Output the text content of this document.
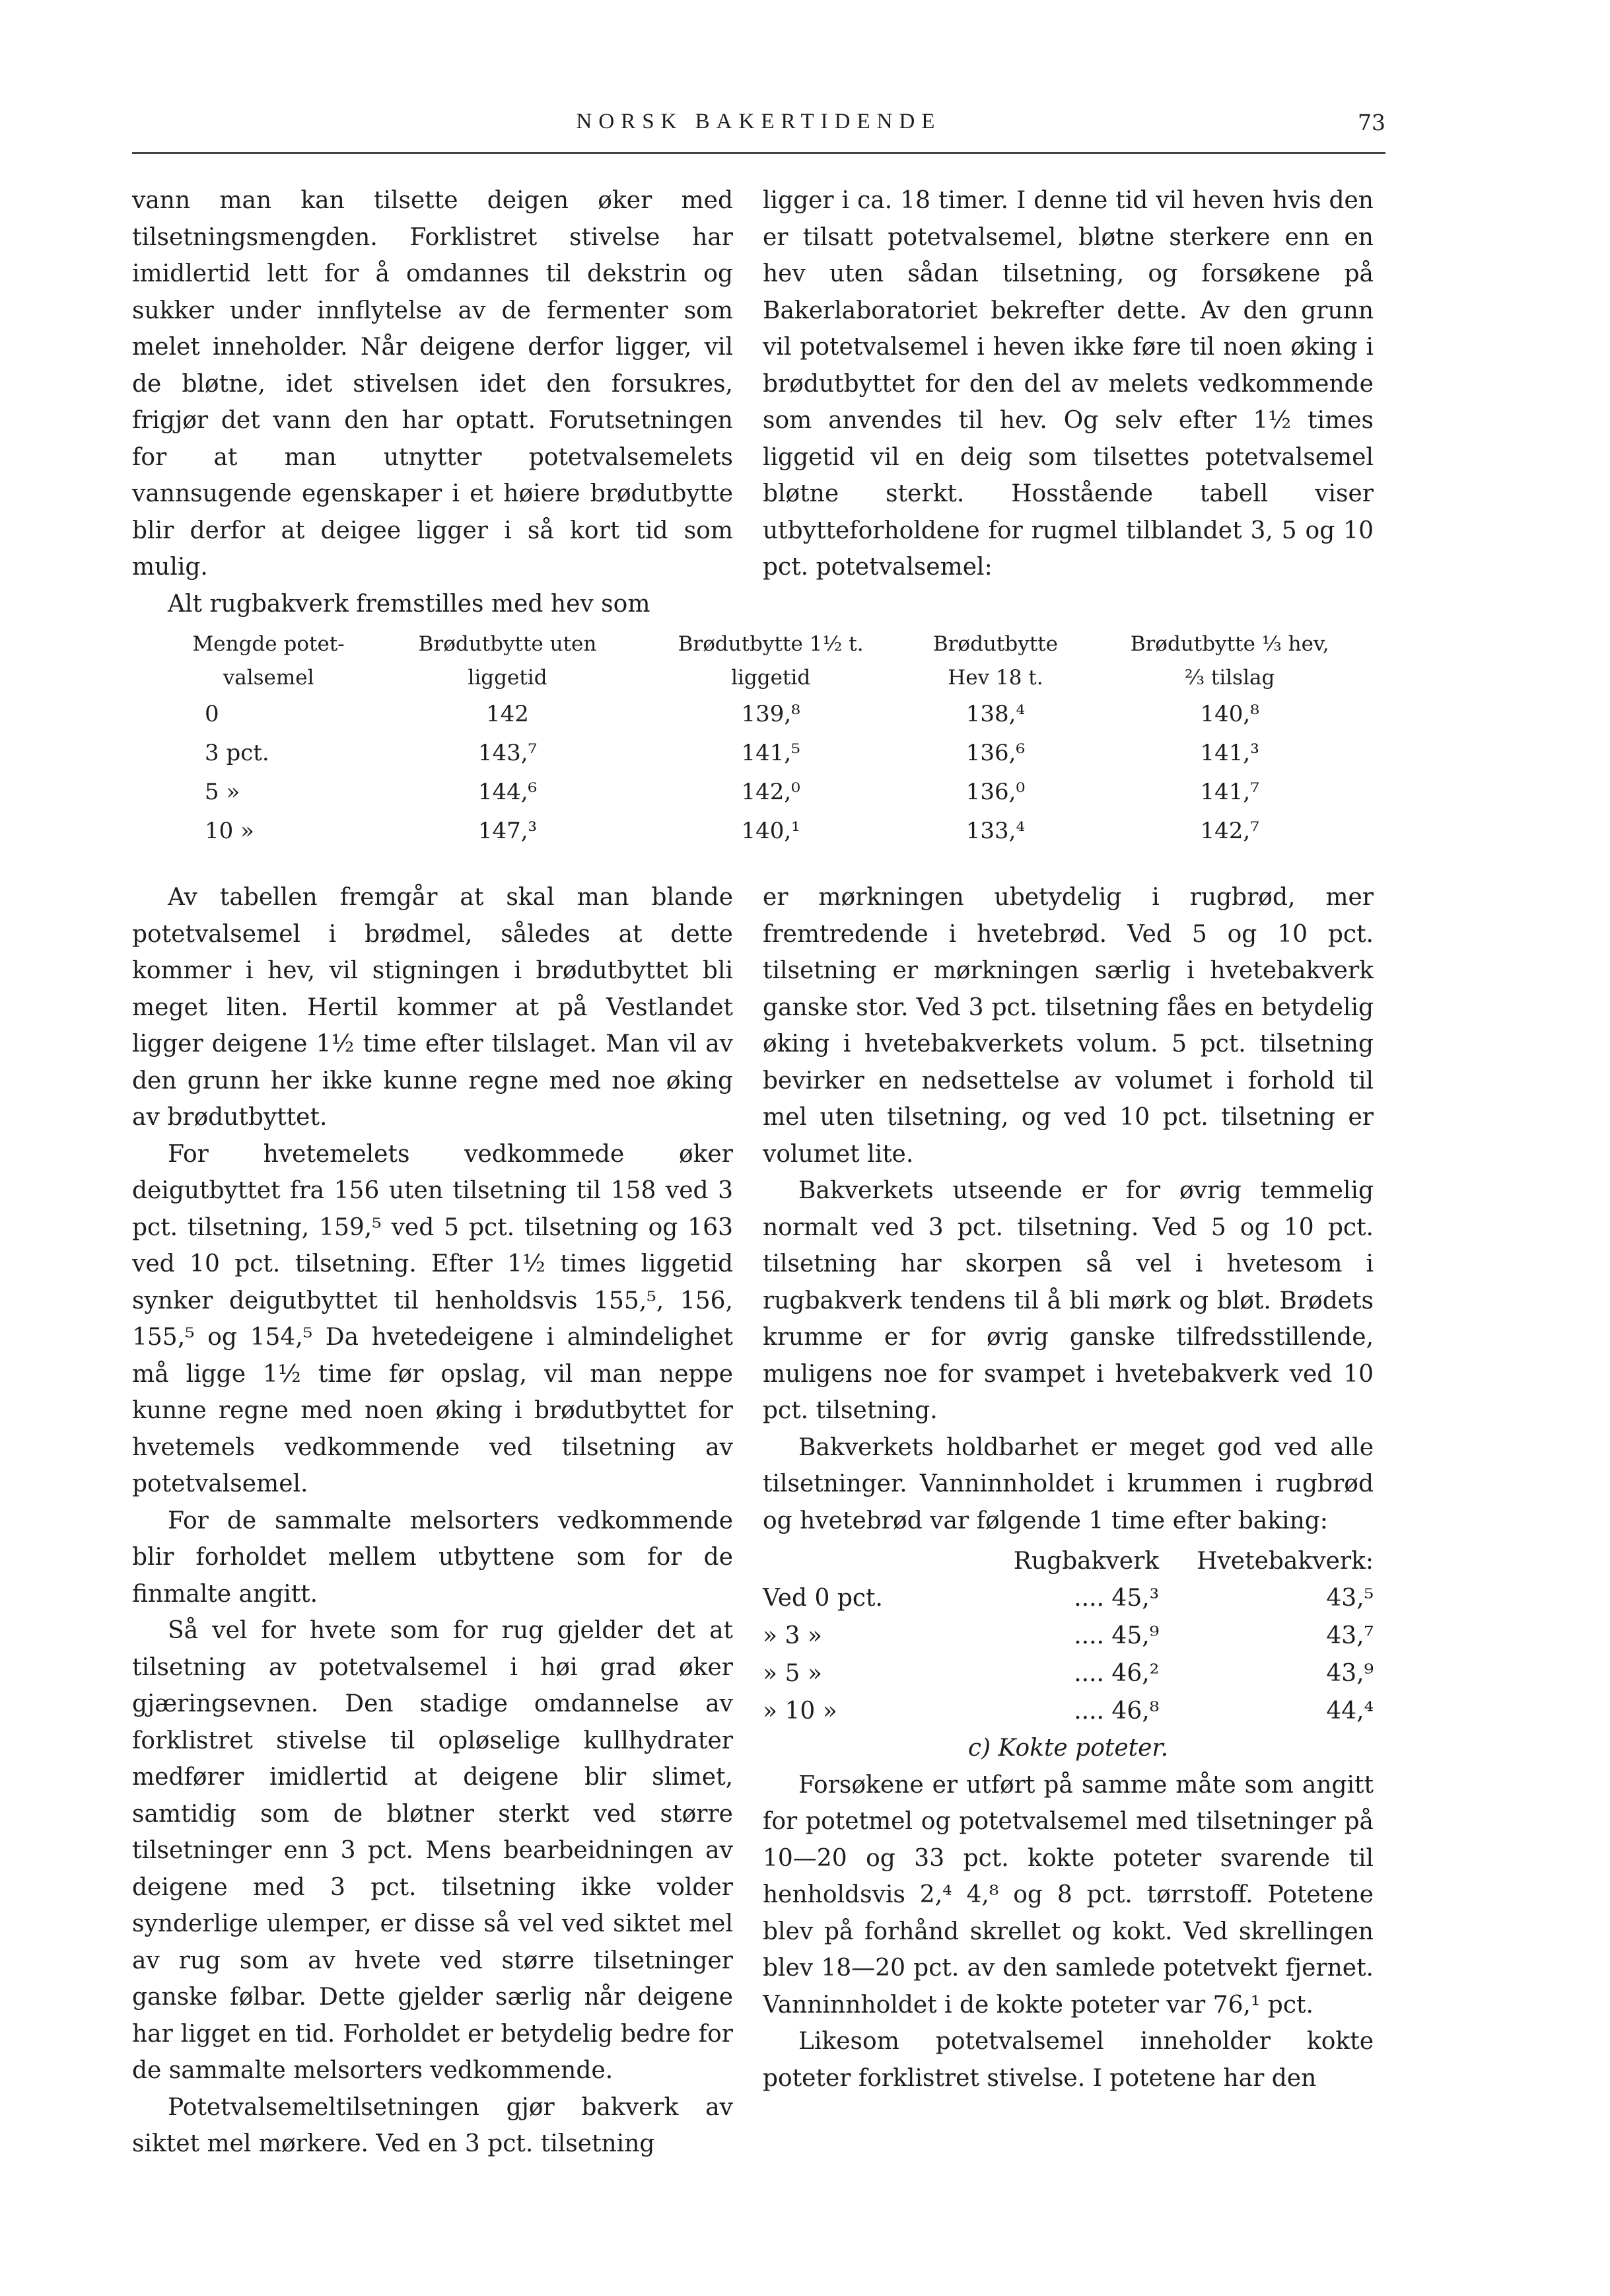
NORSK BAKERTIDENDE	73

vann man kan tilsette deigen øker med tilsetningsmengden. Forklistret stivelse har imidlertid lett for å omdannes til dekstrin og sukker under innflytelse av de fermenter som melet inneholder. Når deigene derfor ligger, vil de bløtne, idet stivelsen idet den forsukres, frigjør det vann den har optatt. Forutsetningen for at man utnytter potetvalsemelets vannsugende egenskaper i et høiere brødutbytte blir derfor at deigee ligger i så kort tid som mulig.

Alt rugbakverk fremstilles med hev som

ligger i ca. 18 timer. I denne tid vil heven hvis den er tilsatt potetvalsemel, bløtne sterkere enn en hev uten sådan tilsetning, og forsøkene på Bakerlaboratoriet bekrefter dette. Av den grunn vil potetvalsemel i heven ikke føre til noen øking i brødutbyttet for den del av melets vedkommende som anvendes til hev. Og selv efter 1½ times liggetid vil en deig som tilsettes potetvalsemel bløtne sterkt. Hosstående tabell viser utbytteforholdene for rugmel tilblandet 3, 5 og 10 pct. potetvalsemel:

Mengde potet-	Brødutbytte uten	Brødutbytte 1½ t.	Brødutbytte	Brødutbytte ⅓ hev,
valsemel	liggetid	liggetid	Hev 18 t.	⅔ tilslag
0	142	139,⁸	138,⁴	140,⁸
3 pct.	143,⁷	141,⁵	136,⁶	141,³
5 »	144,⁶	142,⁰	136,⁰	141,⁷
10 »	147,³	140,¹	133,⁴	142,⁷

Av tabellen fremgår at skal man blande potetvalsemel i brødmel, således at dette kommer i hev, vil stigningen i brødutbyttet bli meget liten. Hertil kommer at på Vestlandet ligger deigene 1½ time efter tilslaget. Man vil av den grunn her ikke kunne regne med noe øking av brødutbyttet.

For hvetemelets vedkommede øker deigutbyttet fra 156 uten tilsetning til 158 ved 3 pct. tilsetning, 159,⁵ ved 5 pct. tilsetning og 163 ved 10 pct. tilsetning. Efter 1½ times liggetid synker deigutbyttet til henholdsvis 155,⁵, 156, 155,⁵ og 154,⁵ Da hvetedeigene i almindelighet må ligge 1½ time før opslag, vil man neppe kunne regne med noen øking i brødutbyttet for hvetemels vedkommende ved tilsetning av potetvalsemel.

For de sammalte melsorters vedkommende blir forholdet mellem utbyttene som for de finmalte angitt.

Så vel for hvete som for rug gjelder det at tilsetning av potetvalsemel i høi grad øker gjæringsevnen. Den stadige omdannelse av forklistret stivelse til opløselige kullhydrater medfører imidlertid at deigene blir slimet, samtidig som de bløtner sterkt ved større tilsetninger enn 3 pct. Mens bearbeidningen av deigene med 3 pct. tilsetning ikke volder synderlige ulemper, er disse så vel ved siktet mel av rug som av hvete ved større tilsetninger ganske følbar. Dette gjelder særlig når deigene har ligget en tid. Forholdet er betydelig bedre for de sammalte melsorters vedkommende.

Potetvalsemeltilsetningen gjør bakverk av siktet mel mørkere. Ved en 3 pct. tilsetning

er mørkningen ubetydelig i rugbrød, mer fremtredende i hvetebrød. Ved 5 og 10 pct. tilsetning er mørkningen særlig i hvetebakverk ganske stor. Ved 3 pct. tilsetning fåes en betydelig øking i hvetebakverkets volum. 5 pct. tilsetning bevirker en nedsettelse av volumet i forhold til mel uten tilsetning, og ved 10 pct. tilsetning er volumet lite.

Bakverkets utseende er for øvrig temmelig normalt ved 3 pct. tilsetning. Ved 5 og 10 pct. tilsetning har skorpen så vel i hvetesom i rugbakverk tendens til å bli mørk og bløt. Brødets krumme er for øvrig ganske tilfredsstillende, muligens noe for svampet i hvetebakverk ved 10 pct. tilsetning.

Bakverkets holdbarhet er meget god ved alle tilsetninger. Vanninnholdet i krummen i rugbrød og hvetebrød var følgende 1 time efter baking:

	Rugbakverk	Hvetebakverk:
Ved 0 pct.	.... 45,³	43,⁵
» 3 »	.... 45,⁹	43,⁷
» 5 »	.... 46,²	43,⁹
» 10 »	.... 46,⁸	44,⁴

c) Kokte poteter.

Forsøkene er utført på samme måte som angitt for potetmel og potetvalsemel med tilsetninger på 10—20 og 33 pct. kokte poteter svarende til henholdsvis 2,⁴ 4,⁸ og 8 pct. tørrstoff. Potetene blev på forhånd skrellet og kokt. Ved skrellingen blev 18—20 pct. av den samlede potetvekt fjernet. Vanninnholdet i de kokte poteter var 76,¹ pct.

Likesom potetvalsemel inneholder kokte poteter forklistret stivelse. I potetene har den
